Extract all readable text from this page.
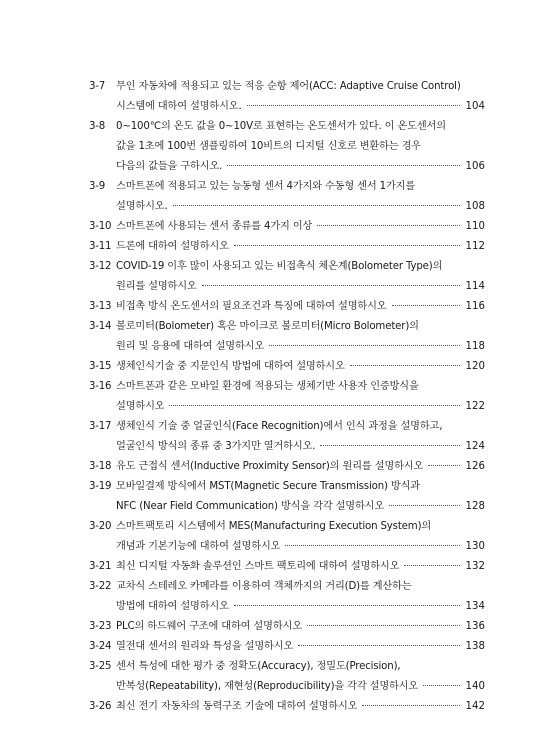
3-7	무인 자동차에 적용되고 있는 적응 순항 제어(ACC: Adaptive Cruise Control)
시스템에 대하여 설명하시오.	104
3-8	0~100℃의 온도 값을 0~10V로 표현하는 온도센서가 있다. 이 온도센서의
값을 1초에 100번 샘플링하여 10비트의 디지털 신호로 변환하는 경우
다음의 값들을 구하시오.	106
3-9	스마트폰에 적용되고 있는 능동형 센서 4가지와 수동형 센서 1가지를
설명하시오.	108
3-10 스마트폰에 사용되는 센서 종류를 4가지 이상	110
3-11 드론에 대하여 설명하시오	112
3-12 COVID-19 이후 많이 사용되고 있는 비접촉식 체온계(Bolometer Type)의
원리를 설명하시오	114
3-13 비접촉 방식 온도센서의 필요조건과 특징에 대하여 설명하시오	116
3-14 볼로미터(Bolometer) 혹은 마이크로 볼로미터(Micro Bolometer)의
원리 및 응용에 대하여 설명하시오	118
3-15 생체인식기술 중 지문인식 방법에 대하여 설명하시오	120
3-16 스마트폰과 같은 모바일 환경에 적용되는 생체기반 사용자 인증방식을
설명하시오	122
3-17 생체인식 기술 중 얼굴인식(Face Recognition)에서 인식 과정을 설명하고,
얼굴인식 방식의 종류 중 3가지만 열거하시오.	124
3-18 유도 근접식 센서(Inductive Proximity Sensor)의 원리를 설명하시오	126
3-19 모바일결제 방식에서 MST(Magnetic Secure Transmission) 방식과
NFC (Near Field Communication) 방식을 각각 설명하시오	128
3-20 스마트팩토리 시스템에서 MES(Manufacturing Execution System)의
개념과 기본기능에 대하여 설명하시오	130
3-21 최신 디지털 자동화 솔루션인 스마트 팩토리에 대하여 설명하시오	132
3-22 교차식 스테레오 카메라를 이용하여 객체까지의 거리(D)를 계산하는
방법에 대하여 설명하시오	134
3-23 PLC의 하드웨어 구조에 대하여 설명하시오	136
3-24 열전대 센서의 원리와 특성을 설명하시오	138
3-25 센서 특성에 대한 평가 중 정확도(Accuracy), 정밀도(Precision),
반복성(Repeatability), 재현성(Reproducibility)을 각각 설명하시오	140
3-26 최신 전기 자동차의 동력구조 기술에 대하여 설명하시오	142
